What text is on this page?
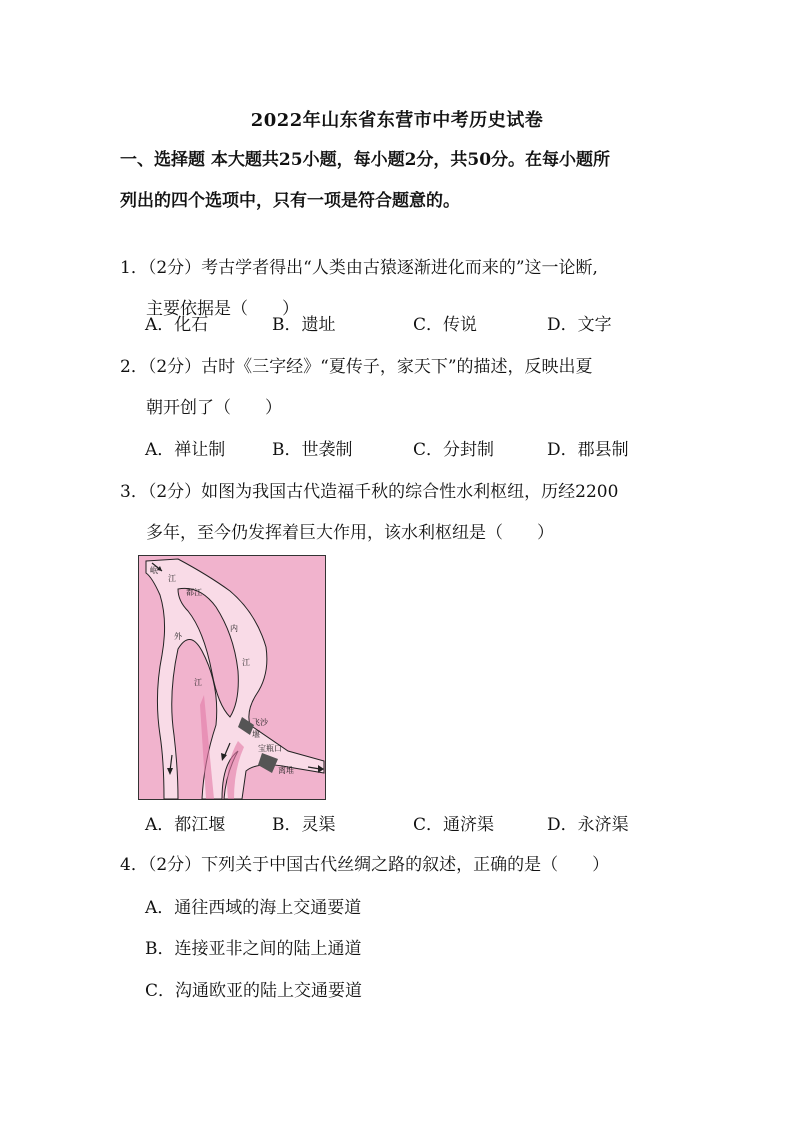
2022年山东省东营市中考历史试卷
一、选择题 本大题共25小题，每小题2分，共50分。在每小题所
列出的四个选项中，只有一项是符合题意的。
1．（2分）考古学者得出“人类由古猿逐渐进化而来的”这一论断,
主要依据是（　　）
A．化石	B．遗址	C．传说	D．文字
2．（2分）古时《三字经》“夏传子，家天下”的描述，反映出夏
朝开创了（　　）
A．禅让制	B．世袭制	C．分封制	D．郡县制
3．（2分）如图为我国古代造福千秋的综合性水利枢纽，历经2200
多年，至今仍发挥着巨大作用，该水利枢纽是（　　）
岷
江
都江
外
内
江
江
飞沙
堰
宝瓶口
离堆
A．都江堰	B．灵渠	C．通济渠	D．永济渠
4．（2分）下列关于中国古代丝绸之路的叙述，正确的是（　　）
A．通往西域的海上交通要道
B．连接亚非之间的陆上通道
C．沟通欧亚的陆上交通要道
